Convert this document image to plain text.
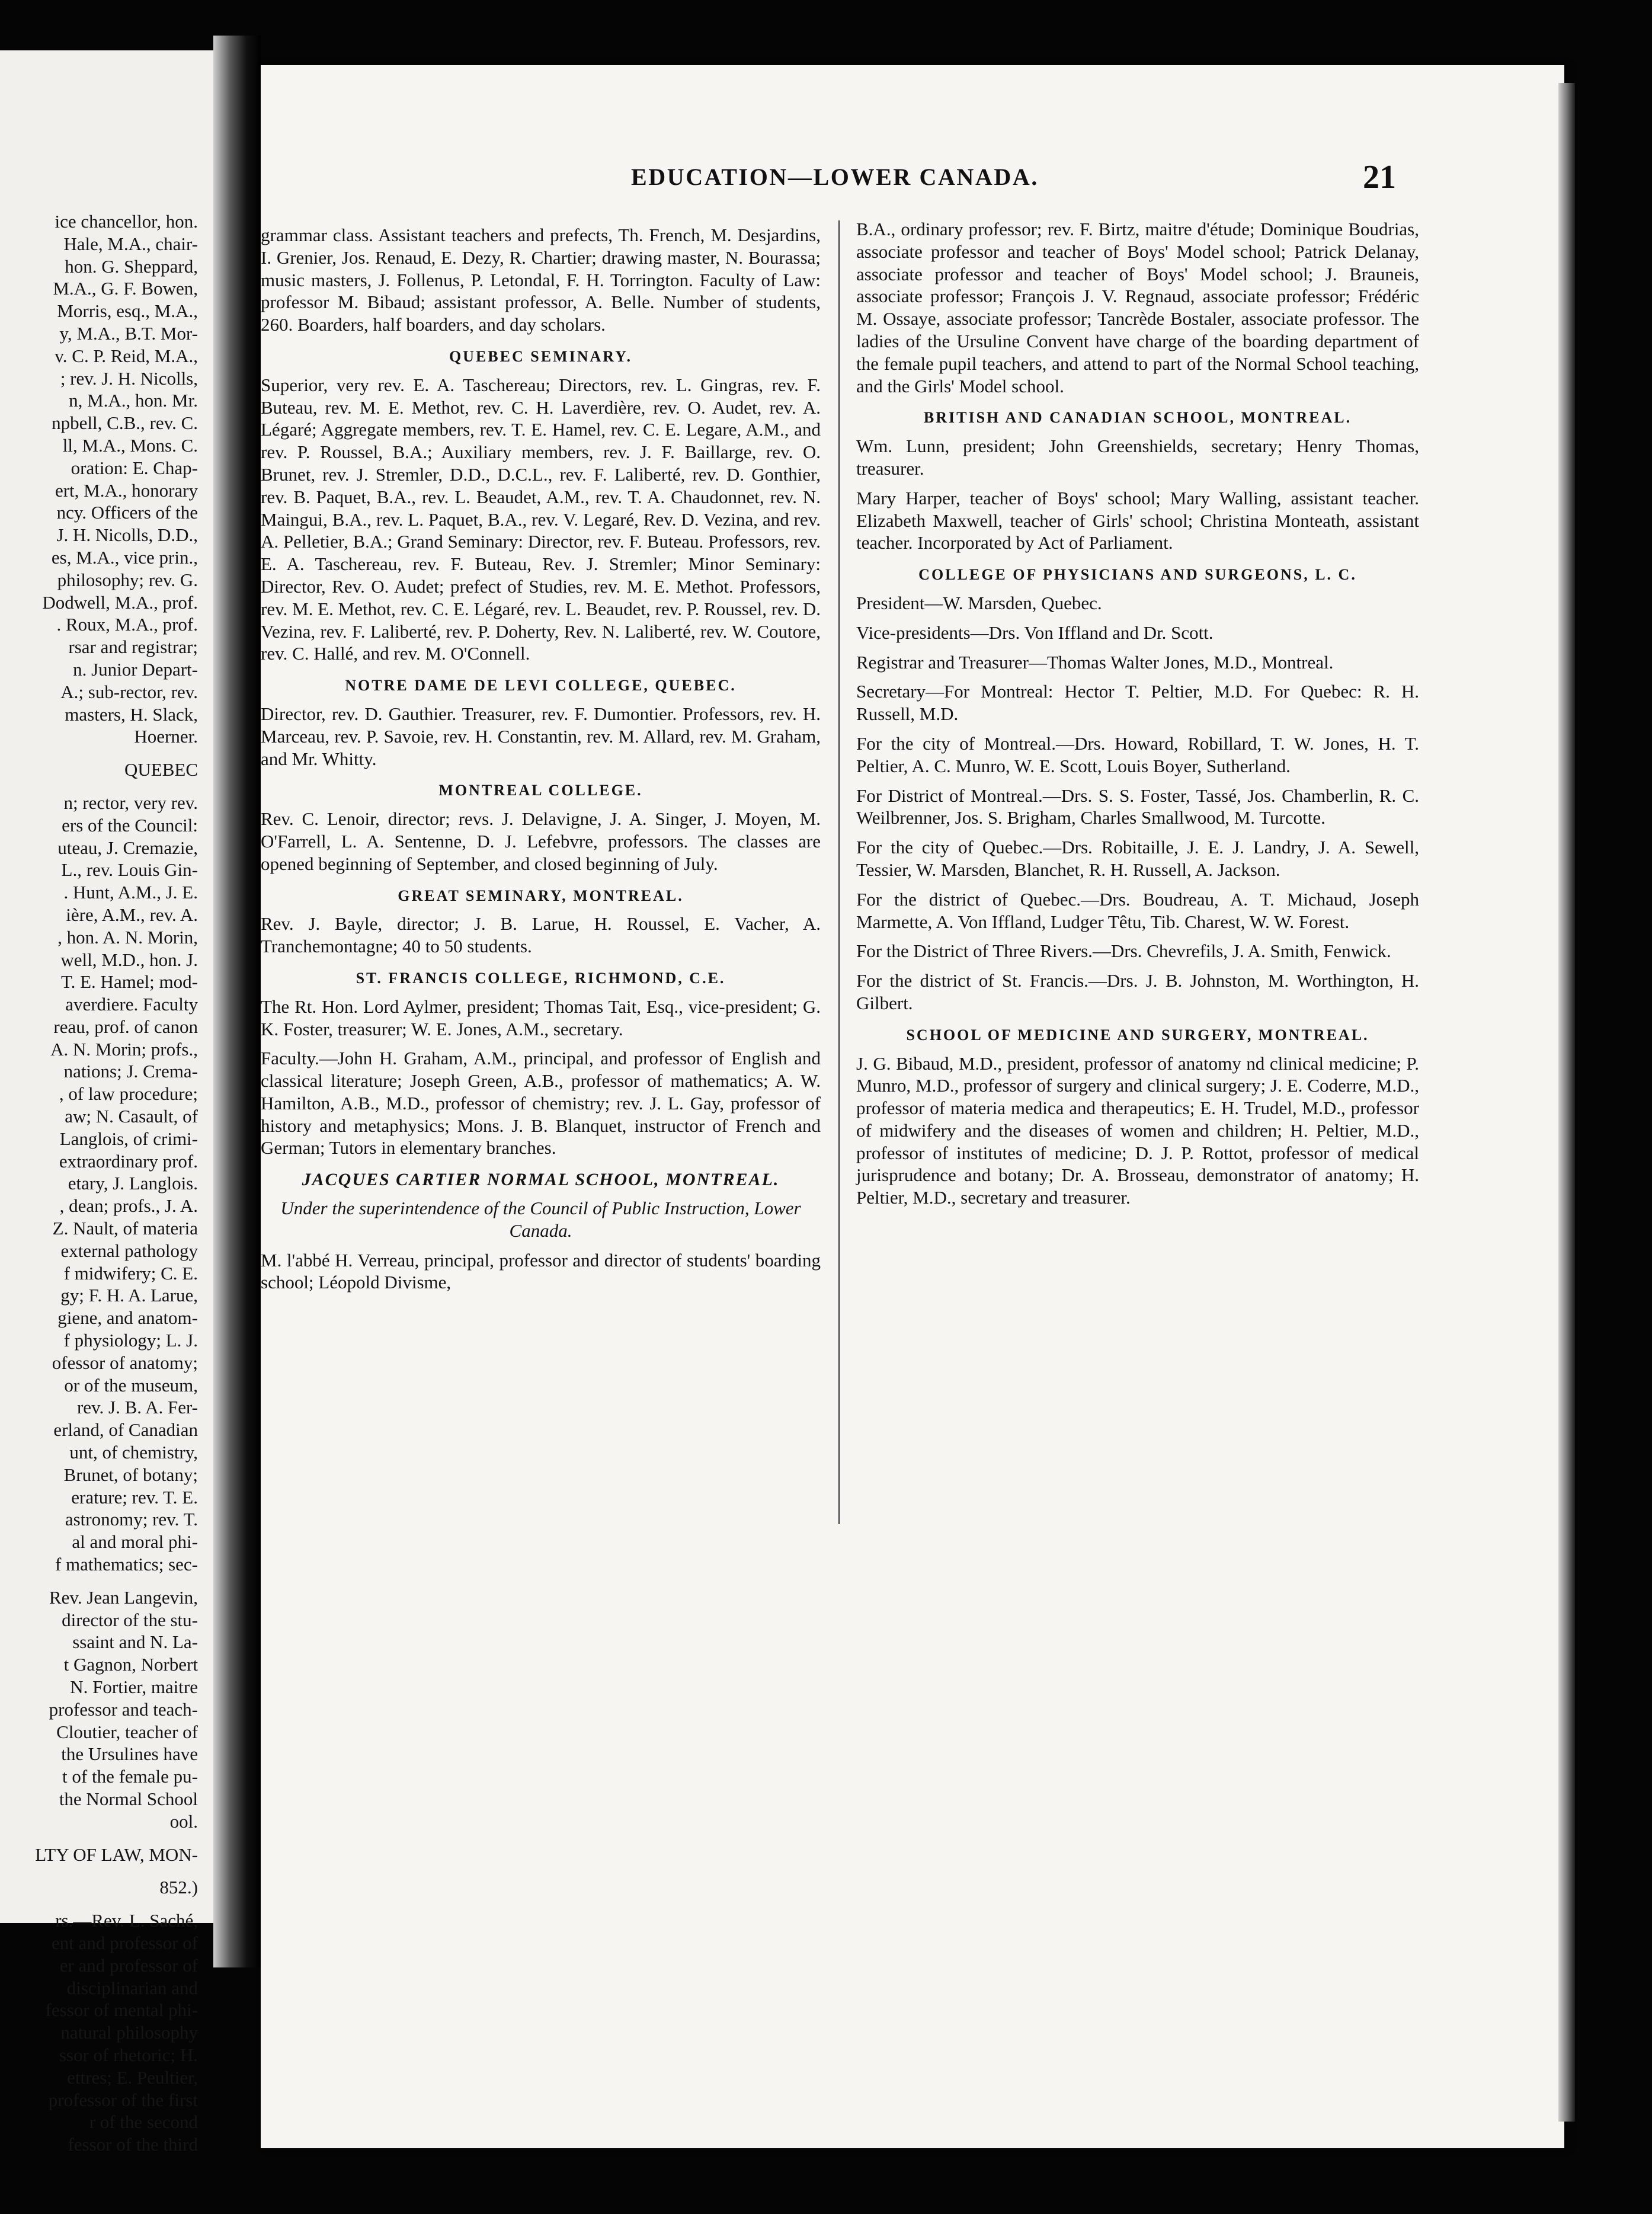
ice chancellor, hon.
Hale, M.A., chair-
hon. G. Sheppard,
M.A., G. F. Bowen,
Morris, esq., M.A.,
y, M.A., B.T. Mor-
v. C. P. Reid, M.A.,
; rev. J. H. Nicolls,
n, M.A., hon. Mr.
npbell, C.B., rev. C.
ll, M.A., Mons. C.
oration: E. Chap-
ert, M.A., honorary
ncy. Officers of the
J. H. Nicolls, D.D.,
es, M.A., vice prin.,
philosophy; rev. G.
Dodwell, M.A., prof.
. Roux, M.A., prof.
rsar and registrar;
n. Junior Depart-
A.; sub-rector, rev.
masters, H. Slack,
Hoerner.
QUEBEC
n; rector, very rev.
ers of the Council:
uteau, J. Cremazie,
L., rev. Louis Gin-
. Hunt, A.M., J. E.
ière, A.M., rev. A.
, hon. A. N. Morin,
well, M.D., hon. J.
T. E. Hamel; mod-
averdiere. Faculty
reau, prof. of canon
A. N. Morin; profs.,
nations; J. Crema-
, of law procedure;
aw; N. Casault, of
Langlois, of crimi-
extraordinary prof.
etary, J. Langlois.
, dean; profs., J. A.
Z. Nault, of materia
external pathology
f midwifery; C. E.
gy; F. H. A. Larue,
giene, and anatom-
f physiology; L. J.
ofessor of anatomy;
or of the museum,
rev. J. B. A. Fer-
erland, of Canadian
unt, of chemistry,
Brunet, of botany;
erature; rev. T. E.
astronomy; rev. T.
al and moral phi-
f mathematics; sec-
Rev. Jean Langevin,
director of the stu-
ssaint and N. La-
t Gagnon, Norbert
N. Fortier, maitre
professor and teach-
Cloutier, teacher of
the Ursulines have
t of the female pu-
the Normal School
ool.
LTY OF LAW, MON-
852.)
rs.—Rev. L. Saché,
ent and professor of
er and professor of
disciplinarian and
fessor of mental phi-
natural philosophy
ssor of rhetoric; H.
ettres; E. Peultier,
professor of the first
r of the second
fessor of the third
EDUCATION—LOWER CANADA.	21
grammar class. Assistant teachers and prefects, Th. French, M. Desjardins, I. Grenier, Jos. Renaud, E. Dezy, R. Chartier; drawing master, N. Bourassa; music masters, J. Follenus, P. Letondal, F. H. Torrington. Faculty of Law: professor M. Bibaud; assistant professor, A. Belle. Number of students, 260. Boarders, half boarders, and day scholars.
QUEBEC SEMINARY.
Superior, very rev. E. A. Taschereau; Directors, rev. L. Gingras, rev. F. Buteau, rev. M. E. Methot, rev. C. H. Laverdière, rev. O. Audet, rev. A. Légaré; Aggregate members, rev. T. E. Hamel, rev. C. E. Legare, A.M., and rev. P. Roussel, B.A.; Auxiliary members, rev. J. F. Baillarge, rev. O. Brunet, rev. J. Stremler, D.D., D.C.L., rev. F. Laliberté, rev. D. Gonthier, rev. B. Paquet, B.A., rev. L. Beaudet, A.M., rev. T. A. Chaudonnet, rev. N. Maingui, B.A., rev. L. Paquet, B.A., rev. V. Legaré, Rev. D. Vezina, and rev. A. Pelletier, B.A.; Grand Seminary: Director, rev. F. Buteau. Professors, rev. E. A. Taschereau, rev. F. Buteau, Rev. J. Stremler; Minor Seminary: Director, Rev. O. Audet; prefect of Studies, rev. M. E. Methot. Professors, rev. M. E. Methot, rev. C. E. Légaré, rev. L. Beaudet, rev. P. Roussel, rev. D. Vezina, rev. F. Laliberté, rev. P. Doherty, Rev. N. Laliberté, rev. W. Coutore, rev. C. Hallé, and rev. M. O'Connell.
NOTRE DAME DE LEVI COLLEGE, QUEBEC.
Director, rev. D. Gauthier. Treasurer, rev. F. Dumontier. Professors, rev. H. Marceau, rev. P. Savoie, rev. H. Constantin, rev. M. Allard, rev. M. Graham, and Mr. Whitty.
MONTREAL COLLEGE.
Rev. C. Lenoir, director; revs. J. Delavigne, J. A. Singer, J. Moyen, M. O'Farrell, L. A. Sentenne, D. J. Lefebvre, professors. The classes are opened beginning of September, and closed beginning of July.
GREAT SEMINARY, MONTREAL.
Rev. J. Bayle, director; J. B. Larue, H. Roussel, E. Vacher, A. Tranchemontagne; 40 to 50 students.
ST. FRANCIS COLLEGE, RICHMOND, C.E.
The Rt. Hon. Lord Aylmer, president; Thomas Tait, Esq., vice-president; G. K. Foster, treasurer; W. E. Jones, A.M., secretary.
Faculty.—John H. Graham, A.M., principal, and professor of English and classical literature; Joseph Green, A.B., professor of mathematics; A. W. Hamilton, A.B., M.D., professor of chemistry; rev. J. L. Gay, professor of history and metaphysics; Mons. J. B. Blanquet, instructor of French and German; Tutors in elementary branches.
JACQUES CARTIER NORMAL SCHOOL, MONTREAL.
Under the superintendence of the Council of Public Instruction, Lower Canada.
M. l'abbé H. Verreau, principal, professor and director of students' boarding school; Léopold Divisme,
B.A., ordinary professor; rev. F. Birtz, maitre d'étude; Dominique Boudrias, associate professor and teacher of Boys' Model school; Patrick Delanay, associate professor and teacher of Boys' Model school; J. Brauneis, associate professor; François J. V. Regnaud, associate professor; Frédéric M. Ossaye, associate professor; Tancrède Bostaler, associate professor. The ladies of the Ursuline Convent have charge of the boarding department of the female pupil teachers, and attend to part of the Normal School teaching, and the Girls' Model school.
BRITISH AND CANADIAN SCHOOL, MONTREAL.
Wm. Lunn, president; John Greenshields, secretary; Henry Thomas, treasurer.
Mary Harper, teacher of Boys' school; Mary Walling, assistant teacher. Elizabeth Maxwell, teacher of Girls' school; Christina Monteath, assistant teacher. Incorporated by Act of Parliament.
COLLEGE OF PHYSICIANS AND SURGEONS, L. C.
President—W. Marsden, Quebec.
Vice-presidents—Drs. Von Iffland and Dr. Scott.
Registrar and Treasurer—Thomas Walter Jones, M.D., Montreal.
Secretary—For Montreal: Hector T. Peltier, M.D. For Quebec: R. H. Russell, M.D.
For the city of Montreal.—Drs. Howard, Robillard, T. W. Jones, H. T. Peltier, A. C. Munro, W. E. Scott, Louis Boyer, Sutherland.
For District of Montreal.—Drs. S. S. Foster, Tassé, Jos. Chamberlin, R. C. Weilbrenner, Jos. S. Brigham, Charles Smallwood, M. Turcotte.
For the city of Quebec.—Drs. Robitaille, J. E. J. Landry, J. A. Sewell, Tessier, W. Marsden, Blanchet, R. H. Russell, A. Jackson.
For the district of Quebec.—Drs. Boudreau, A. T. Michaud, Joseph Marmette, A. Von Iffland, Ludger Têtu, Tib. Charest, W. W. Forest.
For the District of Three Rivers.—Drs. Chevrefils, J. A. Smith, Fenwick.
For the district of St. Francis.—Drs. J. B. Johnston, M. Worthington, H. Gilbert.
SCHOOL OF MEDICINE AND SURGERY, MONTREAL.
J. G. Bibaud, M.D., president, professor of anatomy nd clinical medicine; P. Munro, M.D., professor of surgery and clinical surgery; J. E. Coderre, M.D., professor of materia medica and therapeutics; E. H. Trudel, M.D., professor of midwifery and the diseases of women and children; H. Peltier, M.D., professor of institutes of medicine; D. J. P. Rottot, professor of medical jurisprudence and botany; Dr. A. Brosseau, demonstrator of anatomy; H. Peltier, M.D., secretary and treasurer.
